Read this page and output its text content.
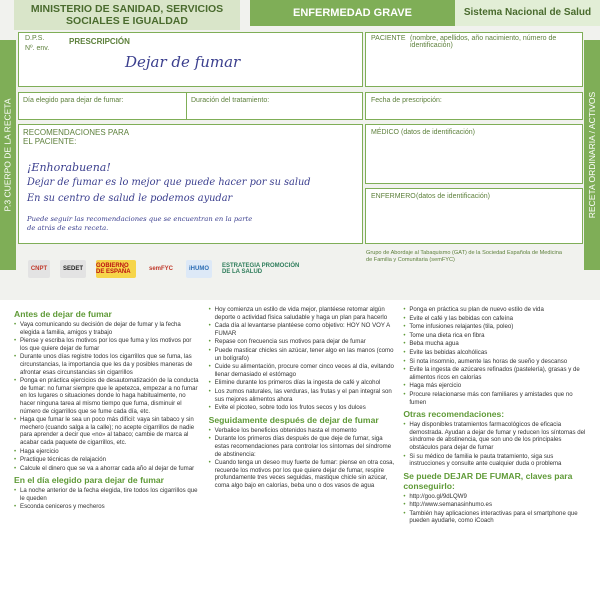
MINISTERIO DE SANIDAD, SERVICIOS SOCIALES E IGUALDAD
ENFERMEDAD GRAVE	Sistema Nacional de Salud
P.3 CUERPO DE LA RECETA	RECETA ORDINARIA / ACTIVOS
D.P.S.
Nº. env.
PRESCRIPCIÓN
Dejar de fumar
PACIENTE (nombre, apellidos, año nacimiento, número de identificación)
Día elegido para dejar de fumar:	Duración del tratamiento:	Fecha de prescripción:
RECOMENDACIONES PARA EL PACIENTE:
¡Enhorabuena!
Dejar de fumar es lo mejor que puede hacer por su salud
En su centro de salud le podemos ayudar
Puede seguir las recomendaciones que se encuentran en la parte de atrás de esta receta.
MÉDICO (datos de identificación)
ENFERMERO (datos de identificación)
Grupo de Abordaje al Tabaquismo (GAT) de la Sociedad Española de Medicina de Familia y Comunitaria (semFYC)
CNPT	SEDET	GOBIERNO DE ESPAÑA	semFYC	iHUMO	ESTRATEGIA PROMOCIÓN DE LA SALUD
Antes de dejar de fumar
• Vaya comunicando su decisión de dejar de fumar y la fecha elegida a familia, amigos y trabajo
• Piense y escriba los motivos por los que fuma y los motivos por los que quiere dejar de fumar
• Durante unos días registre todos los cigarrillos que se fuma, las circunstancias, la importancia que les da y posibles maneras de afrontar esas circunstancias sin cigarrillos
• Ponga en práctica ejercicios de desautomatización de la conducta de fumar: no fumar siempre que le apetezca, empezar a no fumar en los lugares o situaciones donde lo haga habitualmente, no hacer ninguna tarea al mismo tiempo que fuma, disminuir el número de cigarrillos que se fume cada día, etc.
• Haga que fumar le sea un poco más difícil: vaya sin tabaco y sin mechero (cuando salga a la calle); no acepte cigarrillos de nadie para aprender a decir que «no» al tabaco; cambie de marca al acabar cada paquete de cigarrillos, etc.
• Haga ejercicio
• Practique técnicas de relajación
• Calcule el dinero que se va a ahorrar cada año al dejar de fumar
En el día elegido para dejar de fumar
• La noche anterior de la fecha elegida, tire todos los cigarrillos que le queden
• Esconda ceniceros y mecheros
• Hoy comienza un estilo de vida mejor, plantéese retomar algún deporte o actividad física saludable y haga un plan para hacerlo
• Cada día al levantarse plantéese como objetivo: HOY NO VOY A FUMAR
• Repase con frecuencia sus motivos para dejar de fumar
• Puede masticar chicles sin azúcar, tener algo en las manos (como un bolígrafo)
• Cuide su alimentación, procure comer cinco veces al día, evitando llenar demasiado el estómago
• Elimine durante los primeros días la ingesta de café y alcohol
• Los zumos naturales, las verduras, las frutas y el pan integral son sus mejores alimentos ahora
• Evite el picoteo, sobre todo los frutos secos y los dulces
Seguidamente después de dejar de fumar
• Verbalice los beneficios obtenidos hasta el momento
• Durante los primeros días después de que deje de fumar, siga estas recomendaciones para controlar los síntomas del síndrome de abstinencia:
• Cuando tenga un deseo muy fuerte de fumar: piense en otra cosa, recuerde los motivos por los que quiere dejar de fumar, respire profundamente tres veces seguidas, mastique chicle sin azúcar, coma algo bajo en calorías, beba uno o dos vasos de agua
• Ponga en práctica su plan de nuevo estilo de vida
• Evite el café y las bebidas con cafeína
• Tome infusiones relajantes (tila, poleo)
• Tome una dieta rica en fibra
• Beba mucha agua
• Evite las bebidas alcohólicas
• Si nota insomnio, aumente las horas de sueño y descanso
• Evite la ingesta de azúcares refinados (pastelería), grasas y de alimentos ricos en calorías
• Haga más ejercicio
• Procure relacionarse más con familiares y amistades que no fumen
Otras recomendaciones:
• Hay disponibles tratamientos farmacológicos de eficacia demostrada. Ayudan a dejar de fumar y reducen los síntomas del síndrome de abstinencia, que son uno de los principales obstáculos para dejar de fumar
• Si su médico de familia le pauta tratamiento, siga sus instrucciones y consulte ante cualquier duda o problema
Se puede DEJAR DE FUMAR, claves para conseguirlo:
• http://goo.gl/9dLQW9
• http://www.semanasinhumo.es
• También hay aplicaciones interactivas para el smartphone que pueden ayudarle, como iCoach
